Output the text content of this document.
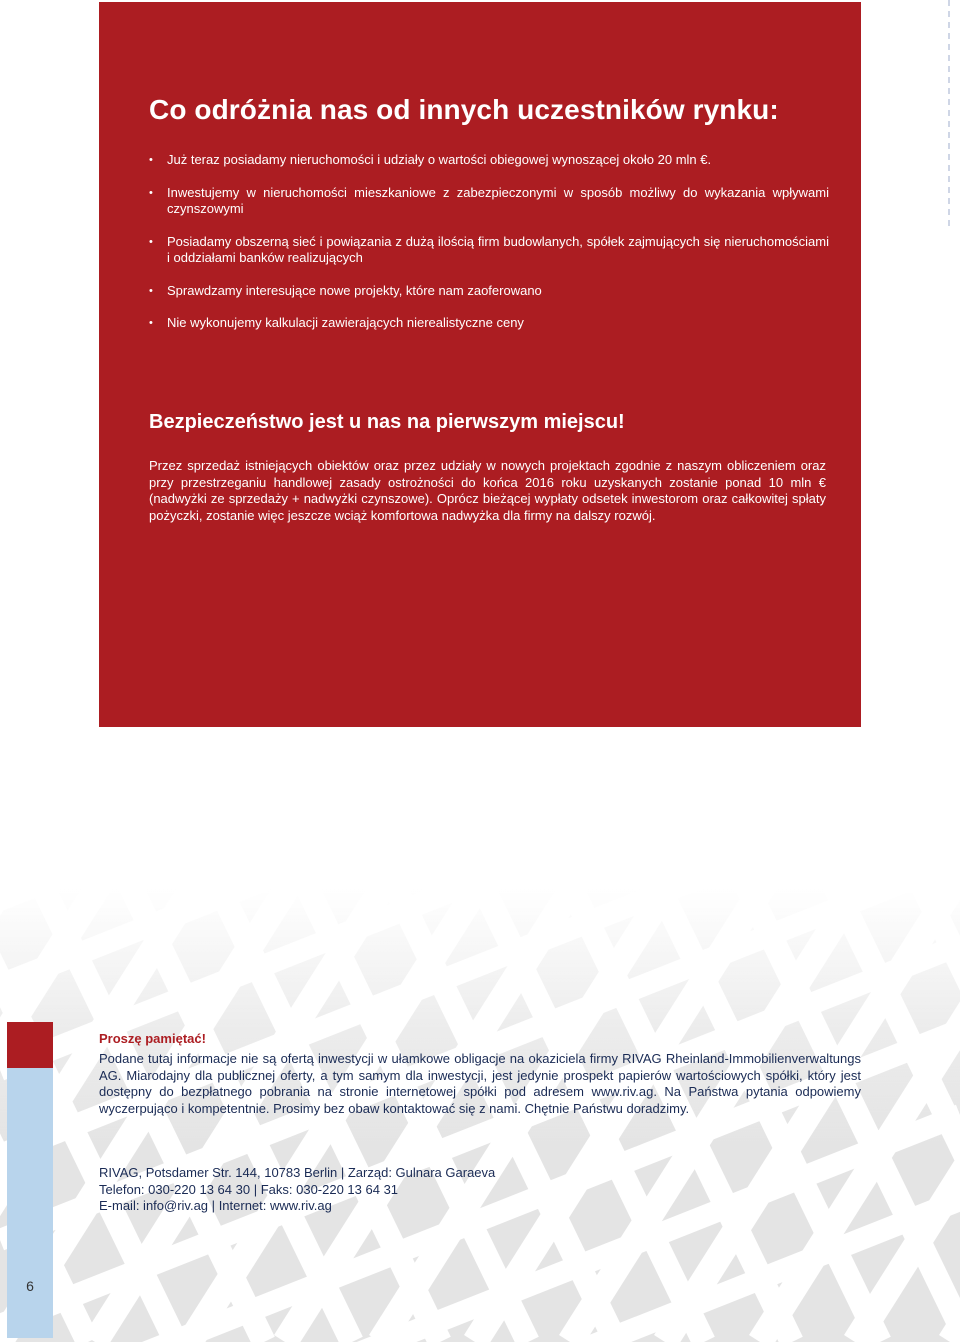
Co odróżnia nas od innych uczestników rynku:
• Już teraz posiadamy nieruchomości i udziały o wartości obiegowej wynoszącej około 20 mln €.
• Inwestujemy w nieruchomości mieszkaniowe z zabezpieczonymi w sposób możliwy do wykazania wpływami czynszowymi
• Posiadamy obszerną sieć i powiązania z dużą ilością firm budowlanych, spółek zajmujących się nieruchomościami i oddziałami banków realizujących
• Sprawdzamy interesujące nowe projekty, które nam zaoferowano
• Nie wykonujemy kalkulacji zawierających nierealistyczne ceny
Bezpieczeństwo jest u nas na pierwszym miejscu!

Przez sprzedaż istniejących obiektów oraz przez udziały w nowych projektach zgodnie z naszym obliczeniem oraz przy przestrzeganiu handlowej zasady ostrożności do końca 2016 roku uzyskanych zostanie ponad 10 mln € (nadwyżki ze sprzedaży + nadwyżki czynszowe). Oprócz bieżącej wypłaty odsetek inwestorom oraz całkowitej spłaty pożyczki, zostanie więc jeszcze wciąż komfortowa nadwyżka dla firmy na dalszy rozwój.

6
Proszę pamiętać!

Podane tutaj informacje nie są ofertą inwestycji w ułamkowe obligacje na okaziciela firmy RIVAG Rheinland-Immobilienverwaltungs AG. Miarodajny dla publicznej oferty, a tym samym dla inwestycji, jest jedynie prospekt papierów wartościowych spółki, który jest dostępny do bezpłatnego pobrania na stronie internetowej spółki pod adresem www.riv.ag. Na Państwa pytania odpowiemy wyczerpująco i kompetentnie. Prosimy bez obaw kontaktować się z nami. Chętnie Państwu doradzimy.

RIVAG, Potsdamer Str. 144, 10783 Berlin | Zarząd: Gulnara Garaeva
Telefon: 030-220 13 64 30 | Faks: 030-220 13 64 31
E-mail: info@riv.ag | Internet: www.riv.ag
